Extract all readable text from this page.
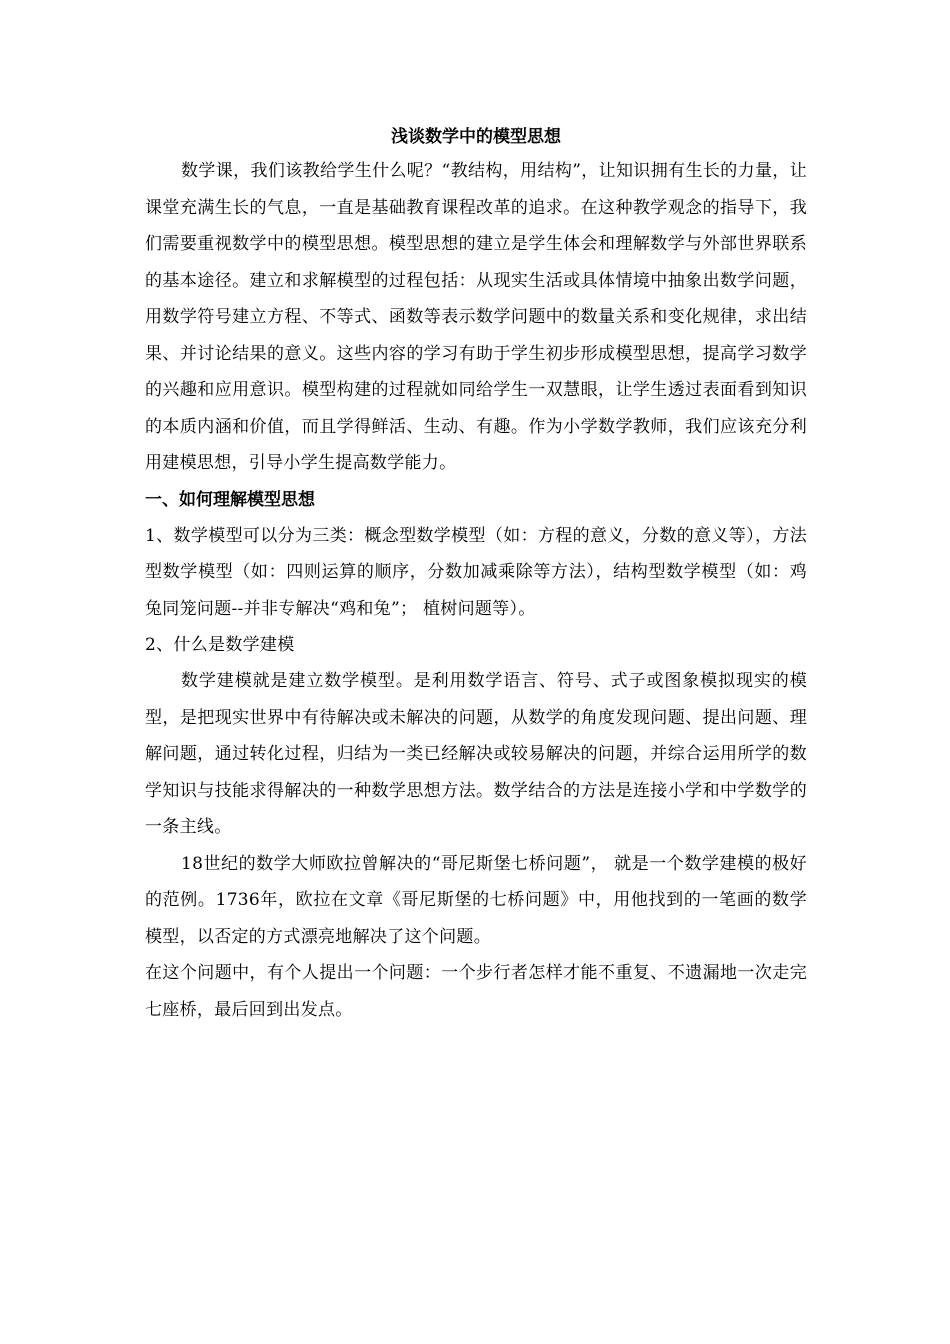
浅谈数学中的模型思想

数学课，我们该教给学生什么呢？“教结构，用结构”，让知识拥有生长的力量，让课堂充满生长的气息，一直是基础教育课程改革的追求。在这种教学观念的指导下，我们需要重视数学中的模型思想。模型思想的建立是学生体会和理解数学与外部世界联系的基本途径。建立和求解模型的过程包括：从现实生活或具体情境中抽象出数学问题，用数学符号建立方程、不等式、函数等表示数学问题中的数量关系和变化规律，求出结果、并讨论结果的意义。这些内容的学习有助于学生初步形成模型思想，提高学习数学的兴趣和应用意识。模型构建的过程就如同给学生一双慧眼，让学生透过表面看到知识的本质内涵和价值，而且学得鲜活、生动、有趣。作为小学数学教师，我们应该充分利用建模思想，引导小学生提高数学能力。

一、如何理解模型思想

1、数学模型可以分为三类：概念型数学模型（如：方程的意义，分数的意义等），方法型数学模型（如：四则运算的顺序，分数加减乘除等方法），结构型数学模型（如：鸡兔同笼问题--并非专解决“鸡和兔”； 植树问题等）。

2、什么是数学建模

数学建模就是建立数学模型。是利用数学语言、符号、式子或图象模拟现实的模型，是把现实世界中有待解决或未解决的问题，从数学的角度发现问题、提出问题、理解问题，通过转化过程，归结为一类已经解决或较易解决的问题，并综合运用所学的数学知识与技能求得解决的一种数学思想方法。数学结合的方法是连接小学和中学数学的一条主线。

18世纪的数学大师欧拉曾解决的“哥尼斯堡七桥问题”， 就是一个数学建模的极好的范例。1736年，欧拉在文章《哥尼斯堡的七桥问题》中，用他找到的一笔画的数学模型，以否定的方式漂亮地解决了这个问题。

在这个问题中，有个人提出一个问题：一个步行者怎样才能不重复、不遗漏地一次走完七座桥，最后回到出发点。
